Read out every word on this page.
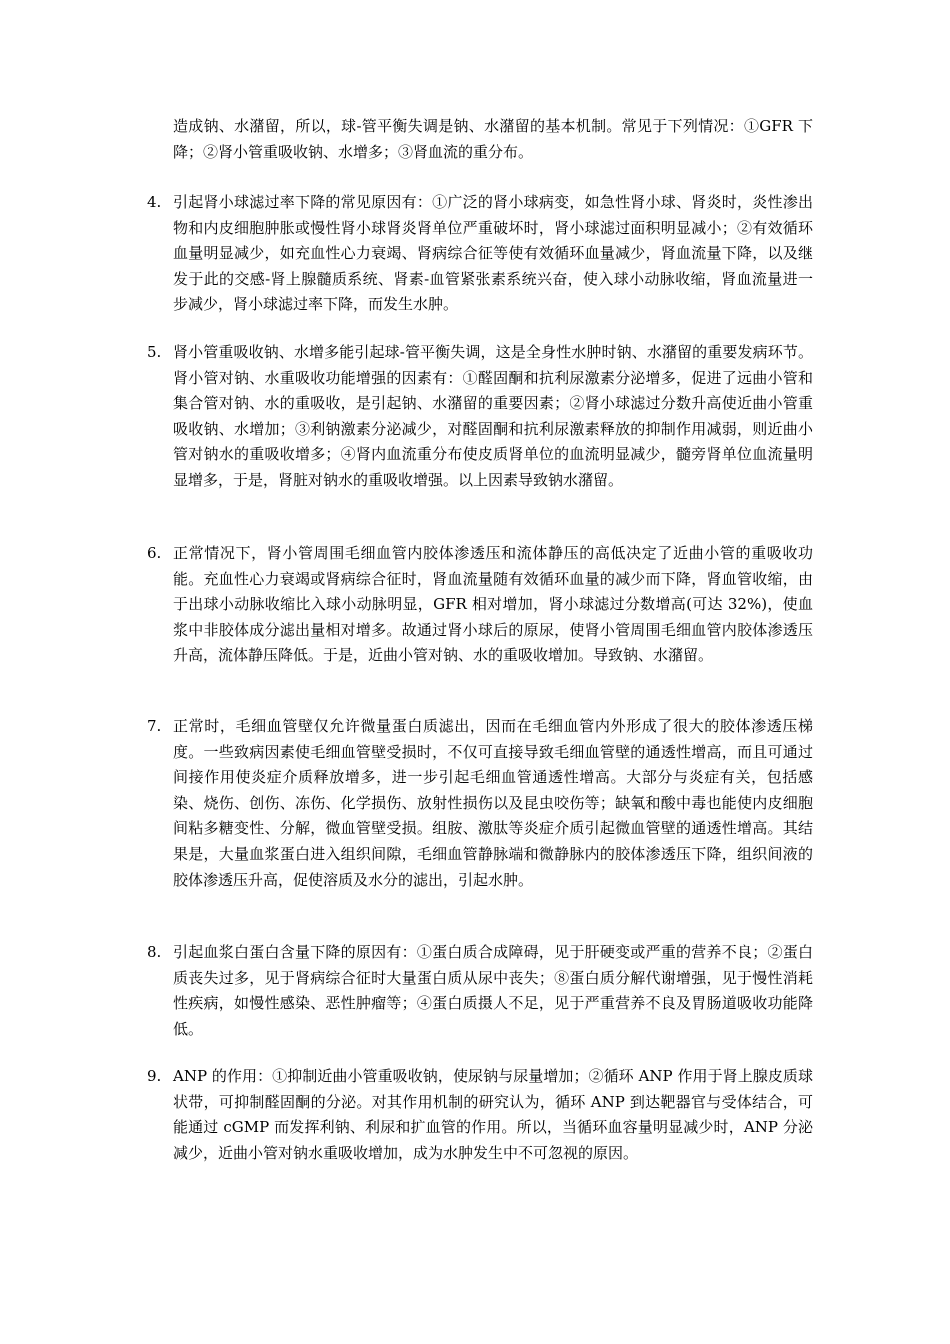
造成钠、水潴留，所以，球-管平衡失调是钠、水潴留的基本机制。常见于下列情况：①GFR 下降；②肾小管重吸收钠、水增多；③肾血流的重分布。

4. 引起肾小球滤过率下降的常见原因有：①广泛的肾小球病变，如急性肾小球、肾炎时，炎性渗出物和内皮细胞肿胀或慢性肾小球肾炎肾单位严重破坏时，肾小球滤过面积明显减小；②有效循环血量明显减少，如充血性心力衰竭、肾病综合征等使有效循环血量减少，肾血流量下降，以及继发于此的交感-肾上腺髓质系统、肾素-血管紧张素系统兴奋，使入球小动脉收缩，肾血流量进一步减少，肾小球滤过率下降，而发生水肿。
5. 肾小管重吸收钠、水增多能引起球-管平衡失调，这是全身性水肿时钠、水潴留的重要发病环节。肾小管对钠、水重吸收功能增强的因素有：①醛固酮和抗利尿激素分泌增多，促进了远曲小管和集合管对钠、水的重吸收，是引起钠、水潴留的重要因素；②肾小球滤过分数升高使近曲小管重吸收钠、水增加；③利钠激素分泌减少，对醛固酮和抗利尿激素释放的抑制作用减弱，则近曲小管对钠水的重吸收增多；④肾内血流重分布使皮质肾单位的血流明显减少，髓旁肾单位血流量明显增多，于是，肾脏对钠水的重吸收增强。以上因素导致钠水潴留。
6. 正常情况下，肾小管周围毛细血管内胶体渗透压和流体静压的高低决定了近曲小管的重吸收功能。充血性心力衰竭或肾病综合征时，肾血流量随有效循环血量的减少而下降，肾血管收缩，由于出球小动脉收缩比入球小动脉明显，GFR 相对增加，肾小球滤过分数增高(可达 32%)，使血浆中非胶体成分滤出量相对增多。故通过肾小球后的原尿，使肾小管周围毛细血管内胶体渗透压升高，流体静压降低。于是，近曲小管对钠、水的重吸收增加。导致钠、水潴留。
7. 正常时，毛细血管壁仅允许微量蛋白质滤出，因而在毛细血管内外形成了很大的胶体渗透压梯度。一些致病因素使毛细血管壁受损时，不仅可直接导致毛细血管壁的通透性增高，而且可通过间接作用使炎症介质释放增多，进一步引起毛细血管通透性增高。大部分与炎症有关，包括感染、烧伤、创伤、冻伤、化学损伤、放射性损伤以及昆虫咬伤等；缺氧和酸中毒也能使内皮细胞间粘多糖变性、分解，微血管壁受损。组胺、激肽等炎症介质引起微血管壁的通透性增高。其结果是，大量血浆蛋白进入组织间隙，毛细血管静脉端和微静脉内的胶体渗透压下降，组织间液的胶体渗透压升高，促使溶质及水分的滤出，引起水肿。
8. 引起血浆白蛋白含量下降的原因有：①蛋白质合成障碍，见于肝硬变或严重的营养不良；②蛋白质丧失过多，见于肾病综合征时大量蛋白质从尿中丧失；⑧蛋白质分解代谢增强，见于慢性消耗性疾病，如慢性感染、恶性肿瘤等；④蛋白质摄人不足，见于严重营养不良及胃肠道吸收功能降低。
9. ANP 的作用：①抑制近曲小管重吸收钠，使尿钠与尿量增加；②循环 ANP 作用于肾上腺皮质球状带，可抑制醛固酮的分泌。对其作用机制的研究认为，循环 ANP 到达靶器官与受体结合，可能通过 cGMP 而发挥利钠、利尿和扩血管的作用。所以，当循环血容量明显减少时，ANP 分泌减少，近曲小管对钠水重吸收增加，成为水肿发生中不可忽视的原因。
